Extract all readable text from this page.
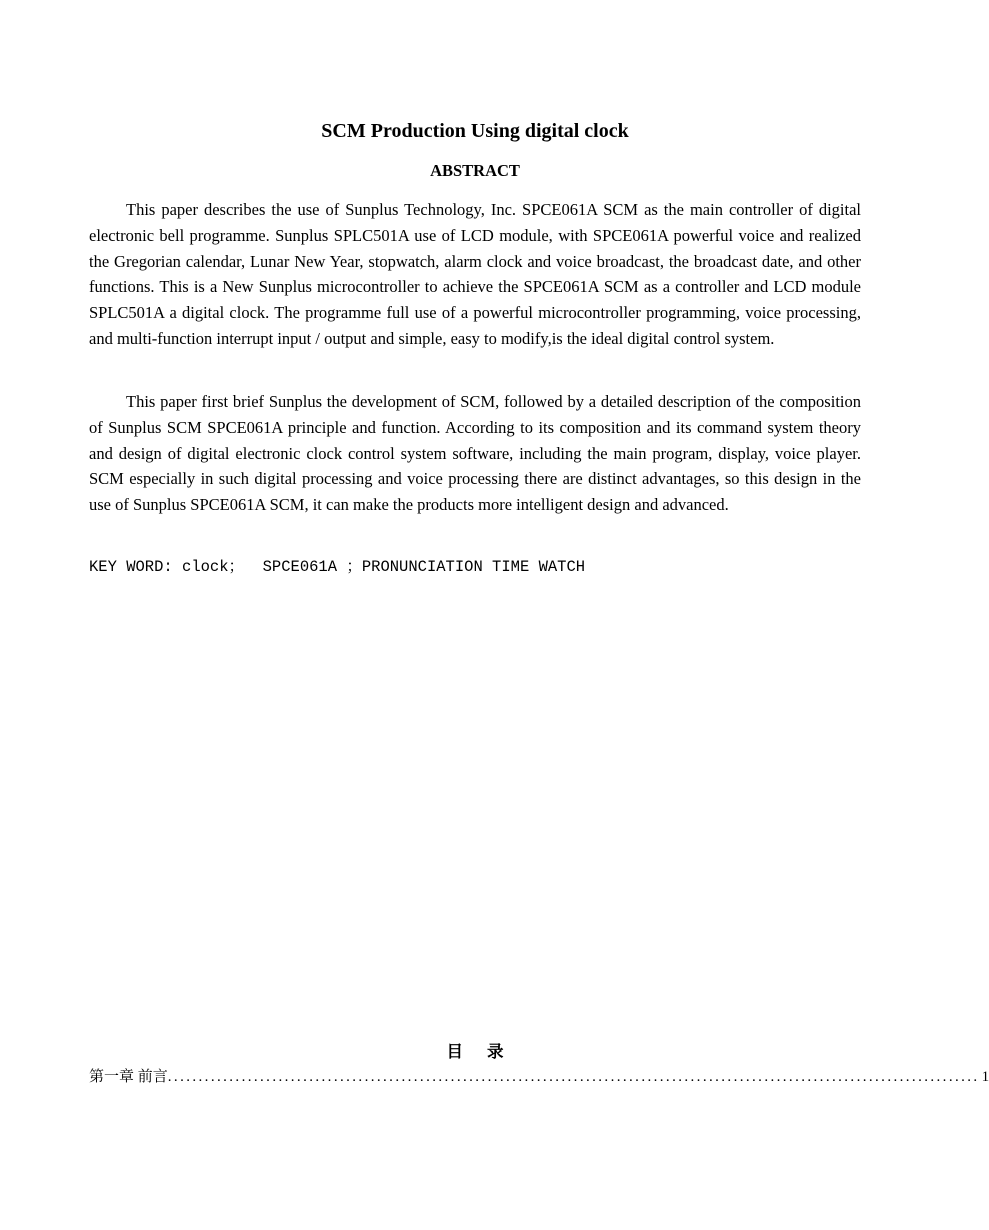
SCM Production Using digital clock
ABSTRACT

This paper describes the use of Sunplus Technology, Inc. SPCE061A SCM as the main controller of digital electronic bell programme. Sunplus SPLC501A use of LCD module, with SPCE061A powerful voice and realized the Gregorian calendar, Lunar New Year, stopwatch, alarm clock and voice broadcast, the broadcast date, and other functions. This is a New Sunplus microcontroller to achieve the SPCE061A SCM as a controller and LCD module SPLC501A a digital clock. The programme full use of a powerful microcontroller programming, voice processing, and multi-function interrupt input / output and simple, easy to modify,is the ideal digital control system.

This paper first brief Sunplus the development of SCM, followed by a detailed description of the composition of Sunplus SCM SPCE061A principle and function. According to its composition and its command system theory and design of digital electronic clock control system software, including the main program, display, voice player. SCM especially in such digital processing and voice processing there are distinct advantages, so this design in the use of Sunplus SPCE061A SCM, it can make the products more intelligent design and advanced.

KEY WORD: clock；  SPCE061A ；PRONUNCIATION TIME WATCH
目录
第一章 前言 .................................................................................................................................... 1
